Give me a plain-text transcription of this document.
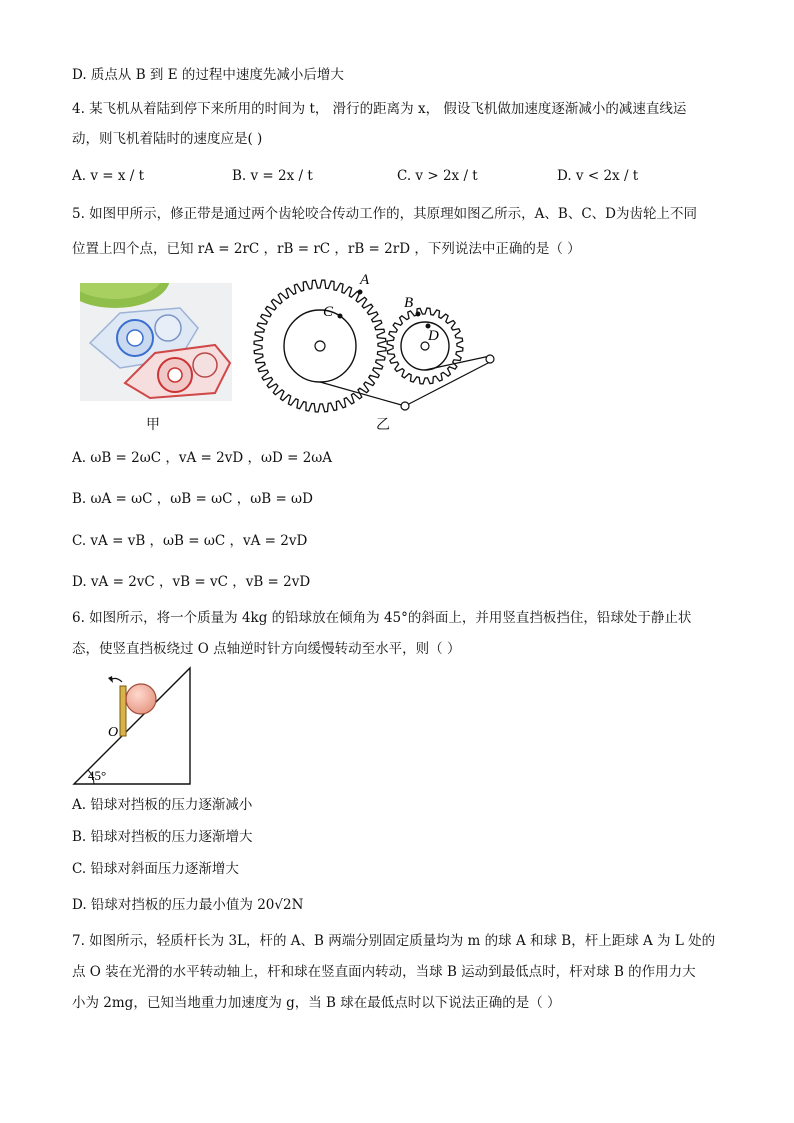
D. 质点从 B 到 E 的过程中速度先减小后增大
4. 某飞机从着陆到停下来所用的时间为 t， 滑行的距离为 x， 假设飞机做加速度逐渐减小的减速直线运
动，则飞机着陆时的速度应是( )
A. v = x / t	B. v = 2x / t	C. v > 2x / t	D. v < 2x / t
5. 如图甲所示，修正带是通过两个齿轮咬合传动工作的，其原理如图乙所示，A、B、C、D为齿轮上不同
位置上四个点，已知 rA = 2rC ，rB = rC ，rB = 2rD ，下列说法中正确的是（ ）
甲
A
B
C
D
乙
A. ωB = 2ωC ，vA = 2vD ，ωD = 2ωA
B. ωA = ωC ，ωB = ωC ，ωB = ωD
C. vA = vB ，ωB = ωC ，vA = 2vD
D. vA = 2vC ，vB = vC ，vB = 2vD
6. 如图所示，将一个质量为 4kg 的铅球放在倾角为 45°的斜面上，并用竖直挡板挡住，铅球处于静止状
态，使竖直挡板绕过 O 点轴逆时针方向缓慢转动至水平，则（ ）
O
45°
A. 铅球对挡板的压力逐渐减小
B. 铅球对挡板的压力逐渐增大
C. 铅球对斜面压力逐渐增大
D. 铅球对挡板的压力最小值为 20√2N
7. 如图所示，轻质杆长为 3L，杆的 A、B 两端分别固定质量均为 m 的球 A 和球 B，杆上距球 A 为 L 处的
点 O 装在光滑的水平转动轴上，杆和球在竖直面内转动，当球 B 运动到最低点时，杆对球 B 的作用力大
小为 2mg，已知当地重力加速度为 g，当 B 球在最低点时以下说法正确的是（ ）
